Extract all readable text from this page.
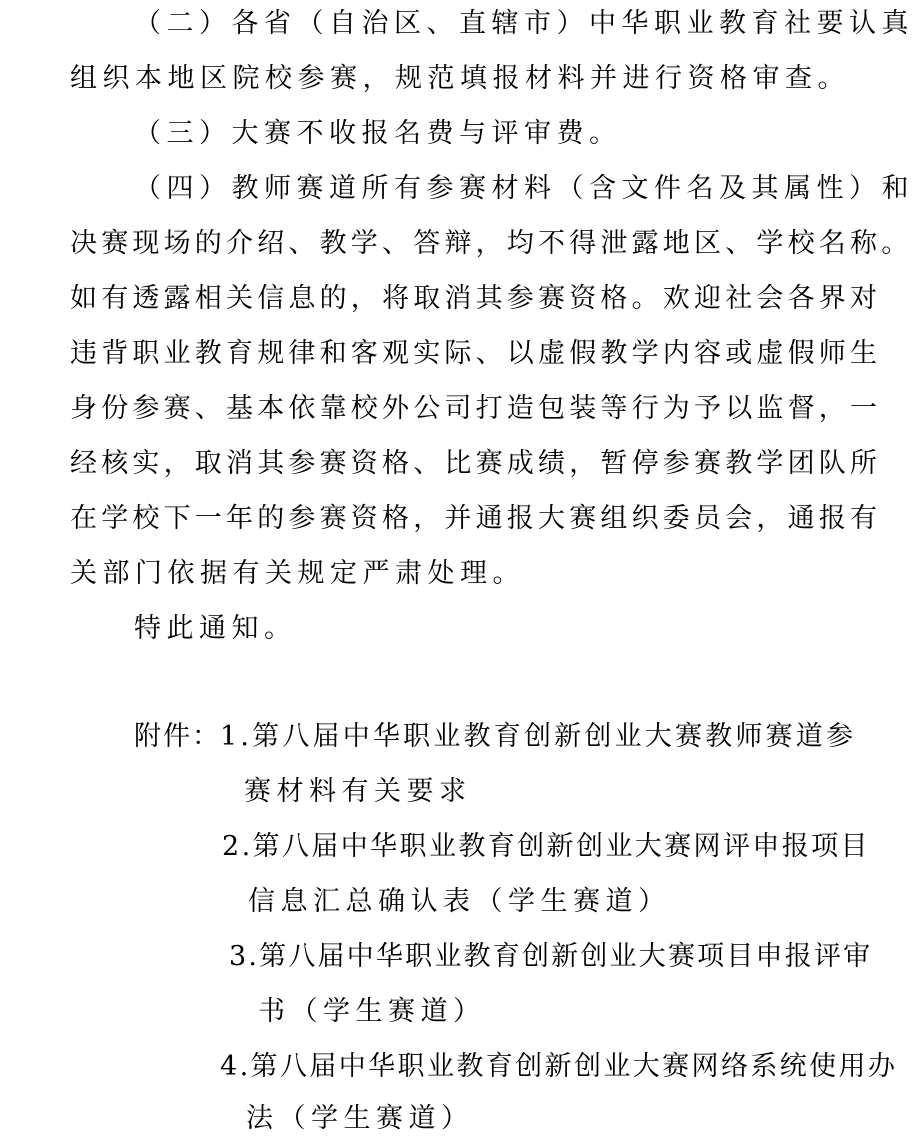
（二）各省（自治区、直辖市）中华职业教育社要认真
组织本地区院校参赛，规范填报材料并进行资格审查。
（三）大赛不收报名费与评审费。
（四）教师赛道所有参赛材料（含文件名及其属性）和
决赛现场的介绍、教学、答辩，均不得泄露地区、学校名称。
如有透露相关信息的，将取消其参赛资格。欢迎社会各界对
违背职业教育规律和客观实际、以虚假教学内容或虚假师生
身份参赛、基本依靠校外公司打造包装等行为予以监督，一
经核实，取消其参赛资格、比赛成绩，暂停参赛教学团队所
在学校下一年的参赛资格，并通报大赛组织委员会，通报有
关部门依据有关规定严肃处理。
特此通知。
附件： 1.第八届中华职业教育创新创业大赛教师赛道参
赛材料有关要求
2.第八届中华职业教育创新创业大赛网评申报项目
信息汇总确认表（学生赛道）
3.第八届中华职业教育创新创业大赛项目申报评审
书（学生赛道）
4.第八届中华职业教育创新创业大赛网络系统使用办
法（学生赛道）
